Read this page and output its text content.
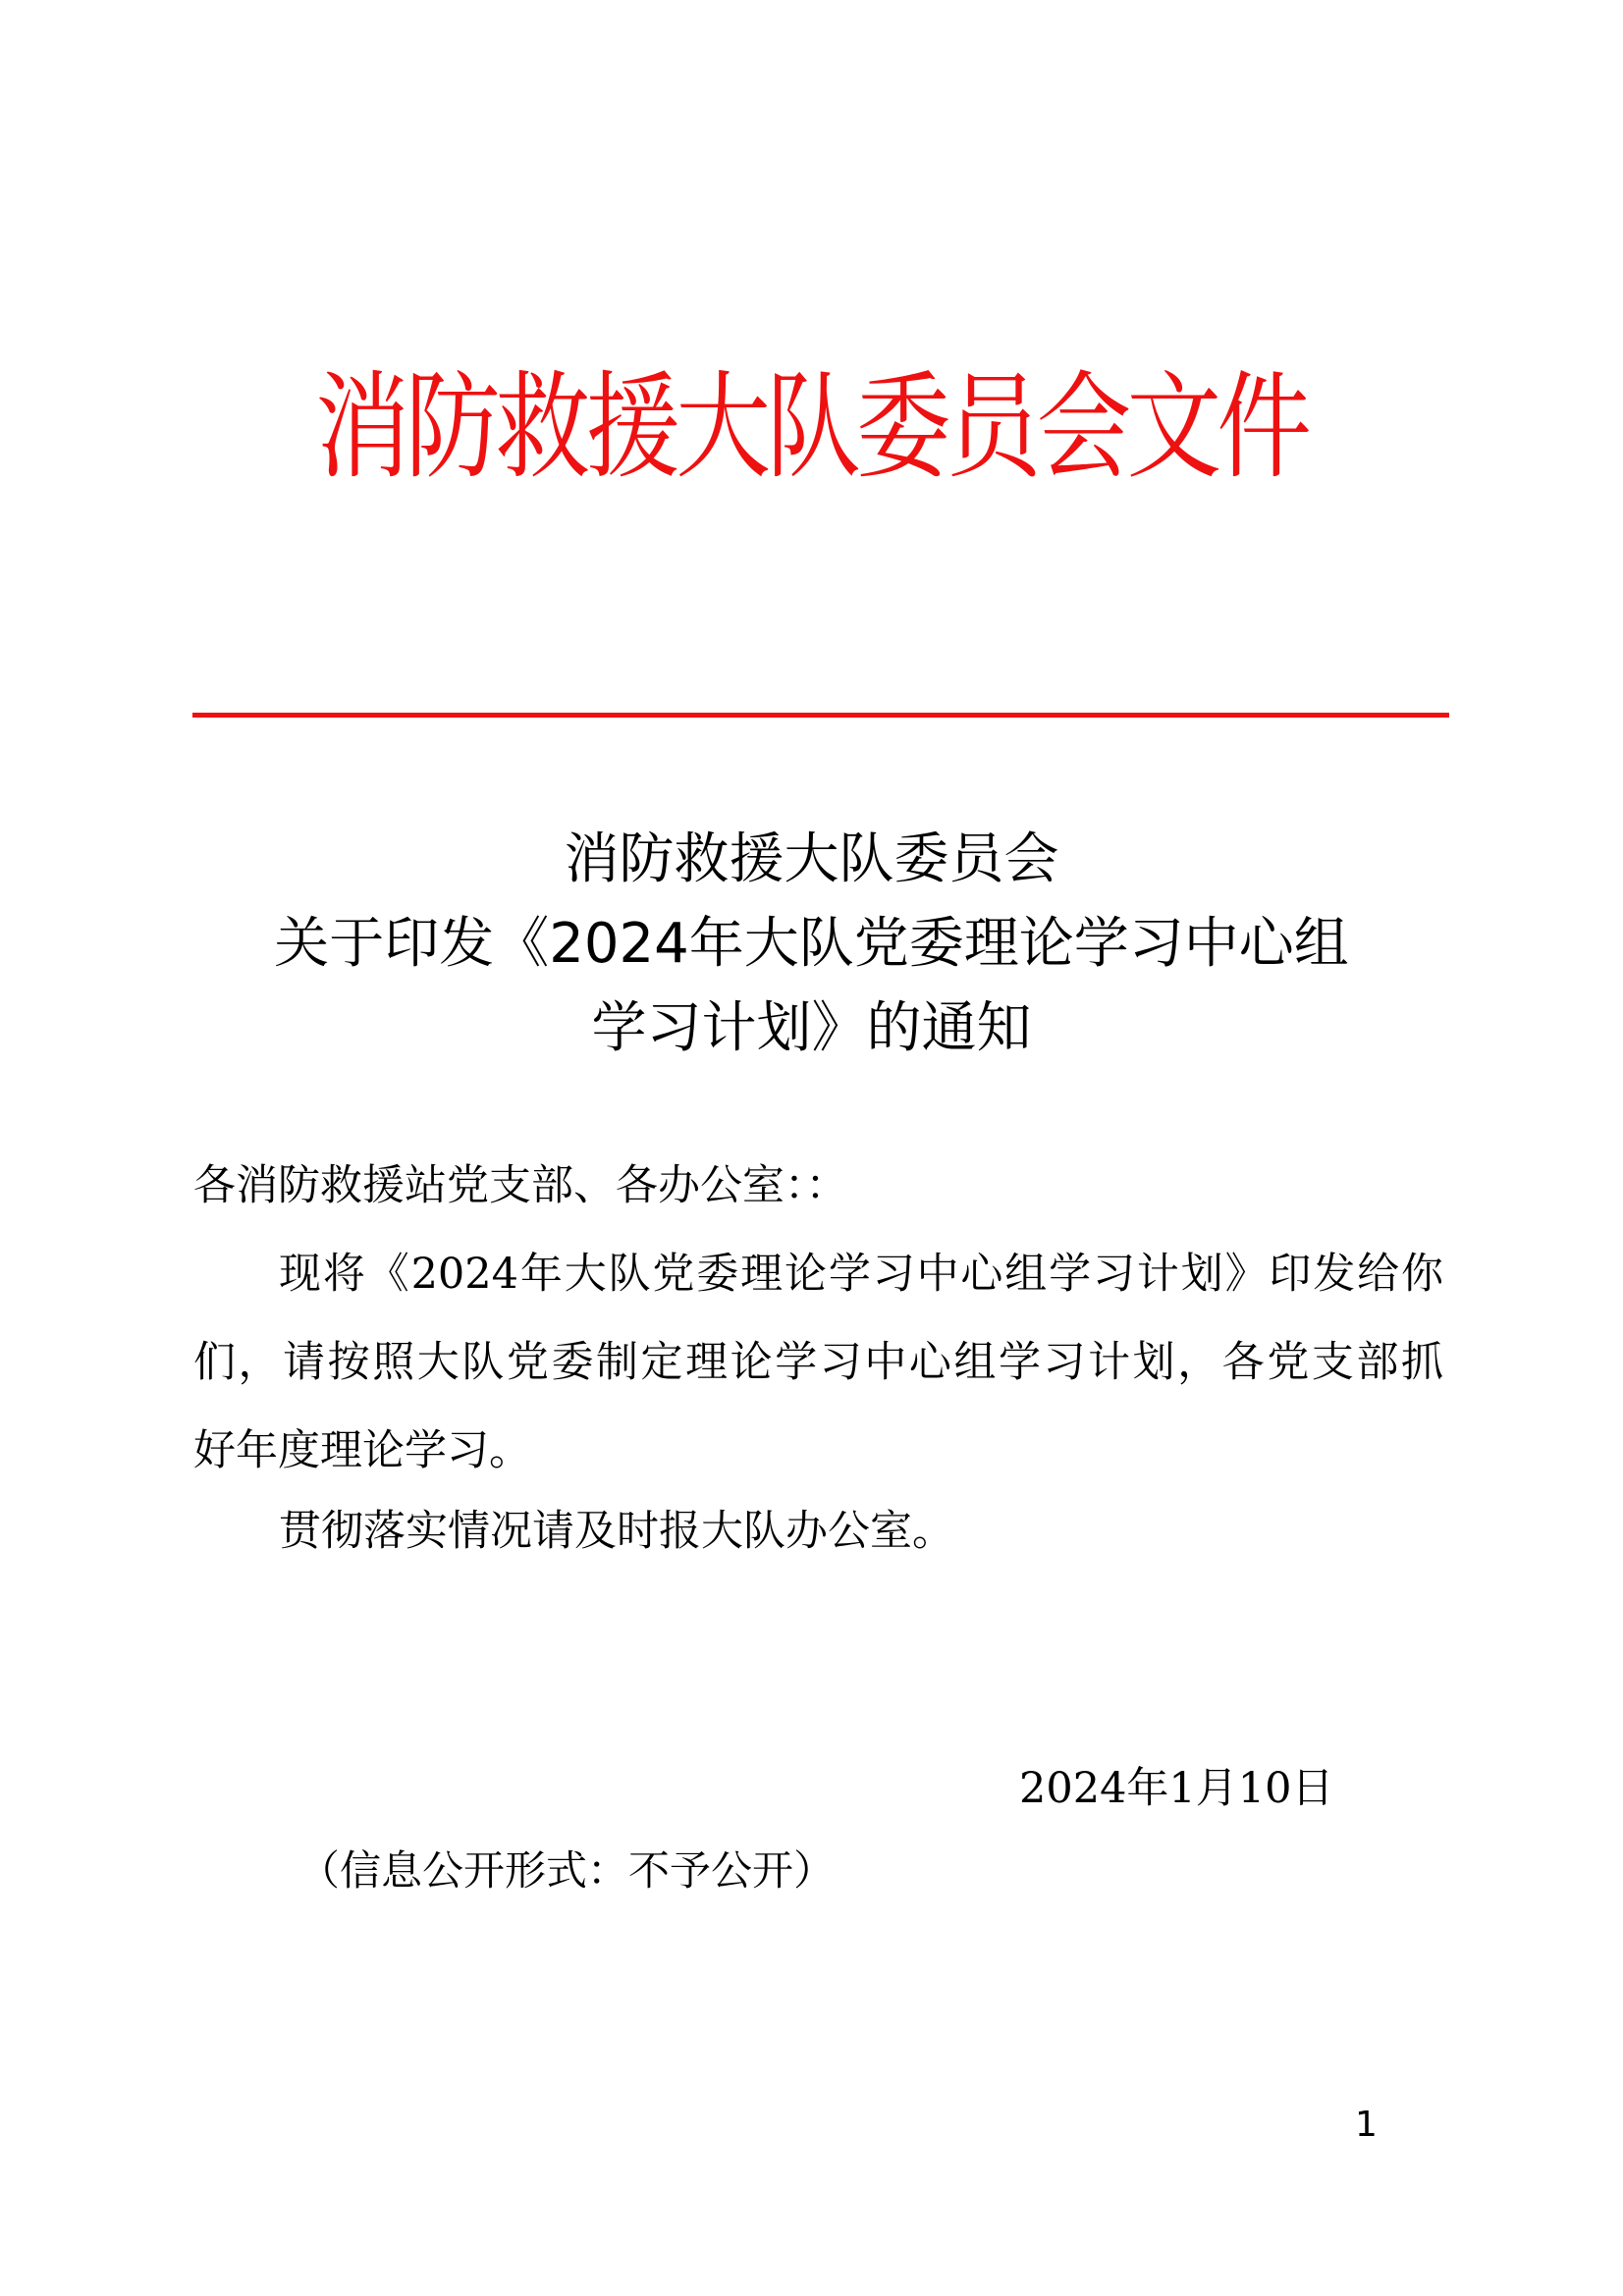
消防救援大队委员会文件
消防救援大队委员会
关于印发《2024年大队党委理论学习中心组
学习计划》的通知
各消防救援站党支部、各办公室：：
现将《2024年大队党委理论学习中心组学习计划》印发给你
们，请按照大队党委制定理论学习中心组学习计划，各党支部抓
好年度理论学习。
贯彻落实情况请及时报大队办公室。
2024年1月10日
（信息公开形式：不予公开）
1
